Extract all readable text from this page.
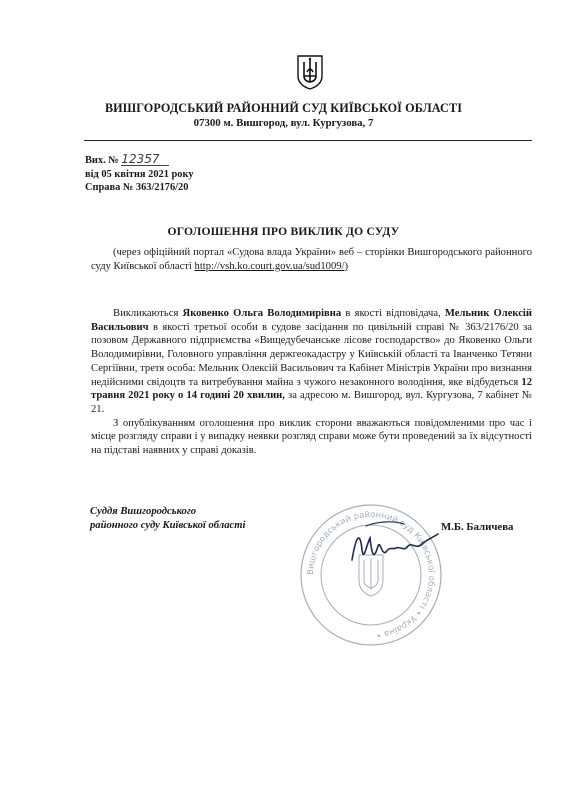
ВИШГОРОДСЬКИЙ РАЙОННИЙ СУД КИЇВСЬКОЇ ОБЛАСТІ
07300 м. Вишгород, вул. Кургузова, 7
Вих. № 12357
від 05 квітня 2021 року
Справа № 363/2176/20
ОГОЛОШЕННЯ ПРО ВИКЛИК ДО СУДУ

(через офіційний портал «Судова влада України» веб – сторінки Вишгородського районного суду Київської області http://vsh.ko.court.gov.ua/sud1009/)

Викликаються Яковенко Ольга Володимирівна в якості відповідача, Мельник Олексій Васильович в якості третьої особи в судове засідання по цивільній справі № 363/2176/20 за позовом Державного підприємства «Вищедубечанське лісове господарство» до Яковенко Ольги Володимирівни, Головного управління держгеокадастру у Київській області та Іванченко Тетяни Сергіївни, третя особа: Мельник Олексій Васильович та Кабінет Міністрів України про визнання недійсними свідоцтв та витребування майна з чужого незаконного володіння, яке відбудеться 12 травня 2021 року о 14 годині 20 хвилин, за адресою м. Вишгород, вул. Кургузова, 7 кабінет № 21.

З опублікуванням оголошення про виклик сторони вважаються повідомленими про час і місце розгляду справи і у випадку неявки розгляд справи може бути проведений за їх відсутності на підставі наявних у справі доказів.

Суддя Вишгородського
районного суду Київської області
Вишгородський районний суд Київської області • Україна •
М.Б. Баличева
